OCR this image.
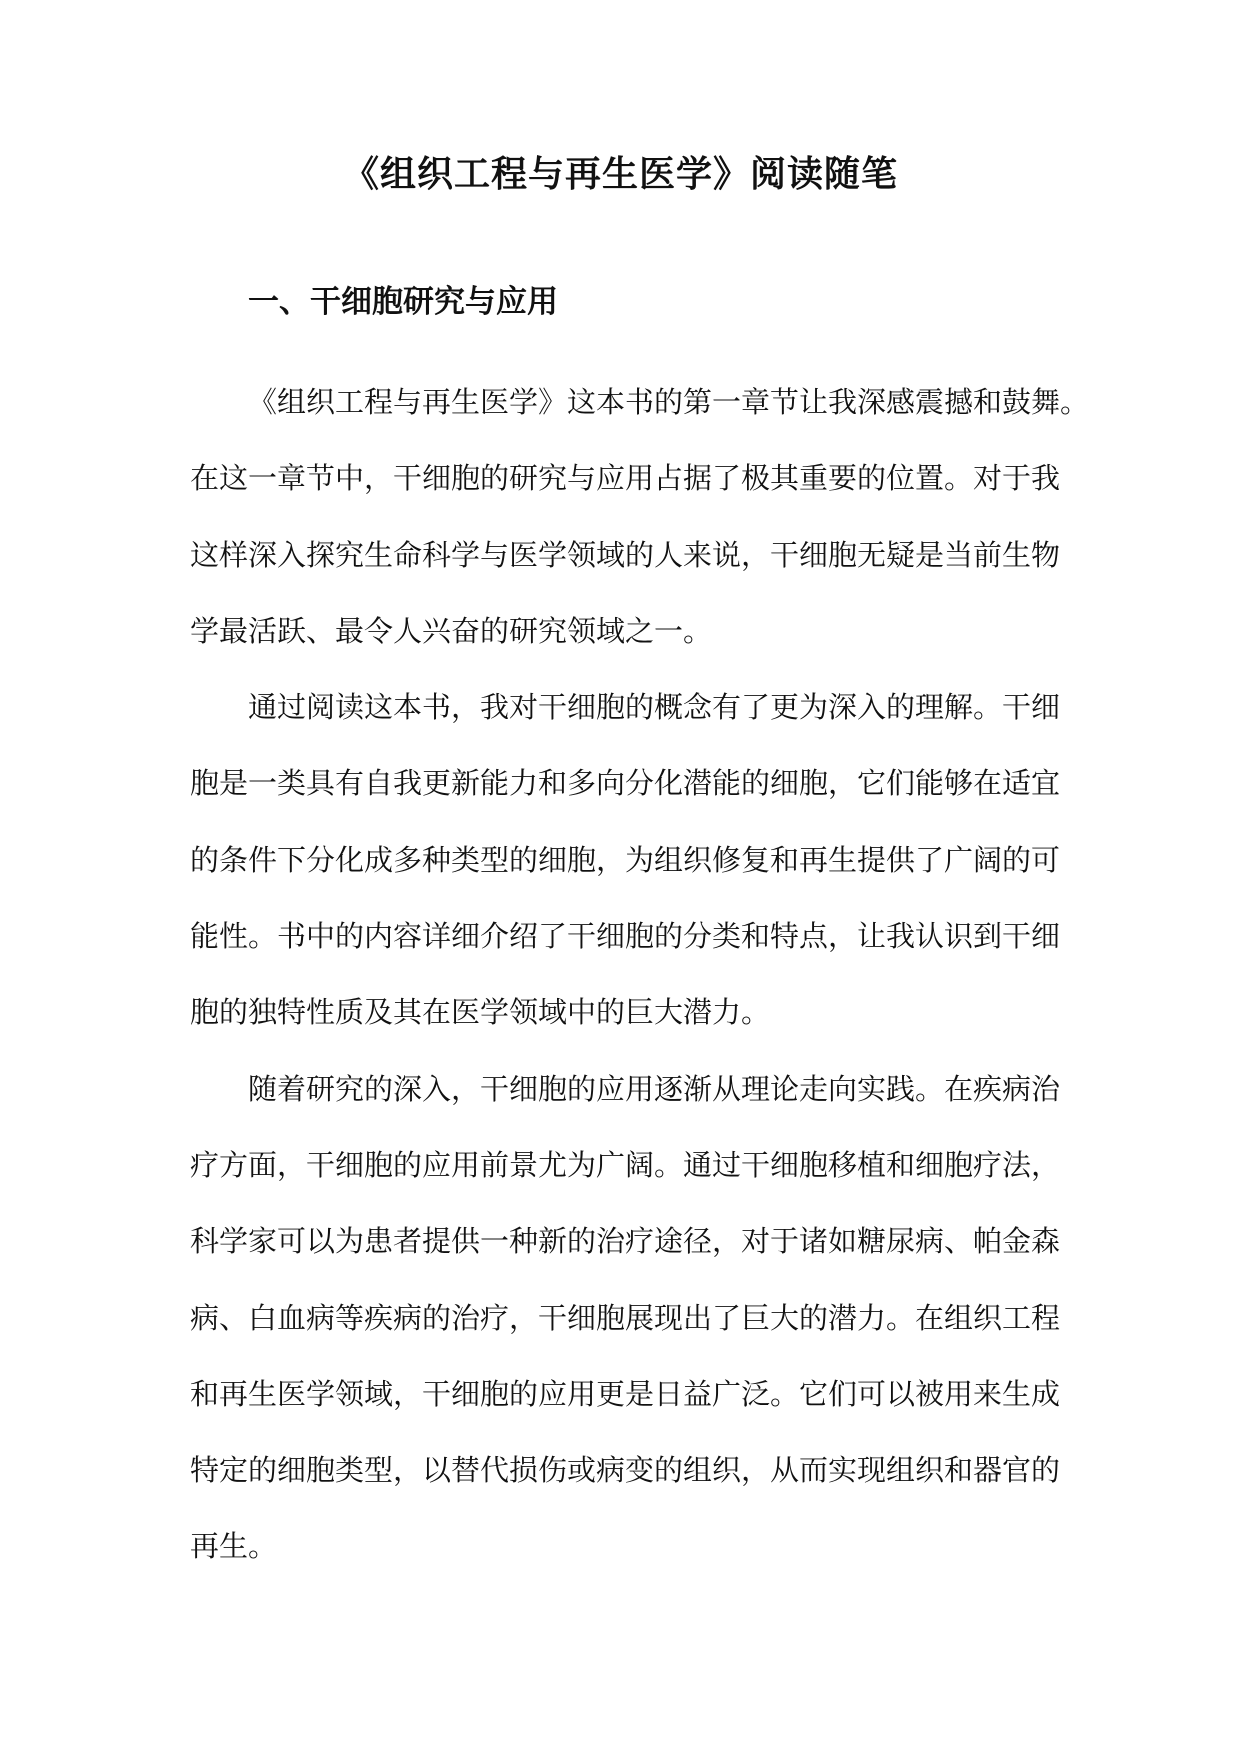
《组织工程与再生医学》阅读随笔
一、干细胞研究与应用
《组织工程与再生医学》这本书的第一章节让我深感震撼和鼓舞。
在这一章节中，干细胞的研究与应用占据了极其重要的位置。对于我
这样深入探究生命科学与医学领域的人来说，干细胞无疑是当前生物
学最活跃、最令人兴奋的研究领域之一。
通过阅读这本书，我对干细胞的概念有了更为深入的理解。干细
胞是一类具有自我更新能力和多向分化潜能的细胞，它们能够在适宜
的条件下分化成多种类型的细胞，为组织修复和再生提供了广阔的可
能性。书中的内容详细介绍了干细胞的分类和特点，让我认识到干细
胞的独特性质及其在医学领域中的巨大潜力。
随着研究的深入，干细胞的应用逐渐从理论走向实践。在疾病治
疗方面，干细胞的应用前景尤为广阔。通过干细胞移植和细胞疗法，
科学家可以为患者提供一种新的治疗途径，对于诸如糖尿病、帕金森
病、白血病等疾病的治疗，干细胞展现出了巨大的潜力。在组织工程
和再生医学领域，干细胞的应用更是日益广泛。它们可以被用来生成
特定的细胞类型，以替代损伤或病变的组织，从而实现组织和器官的
再生。
